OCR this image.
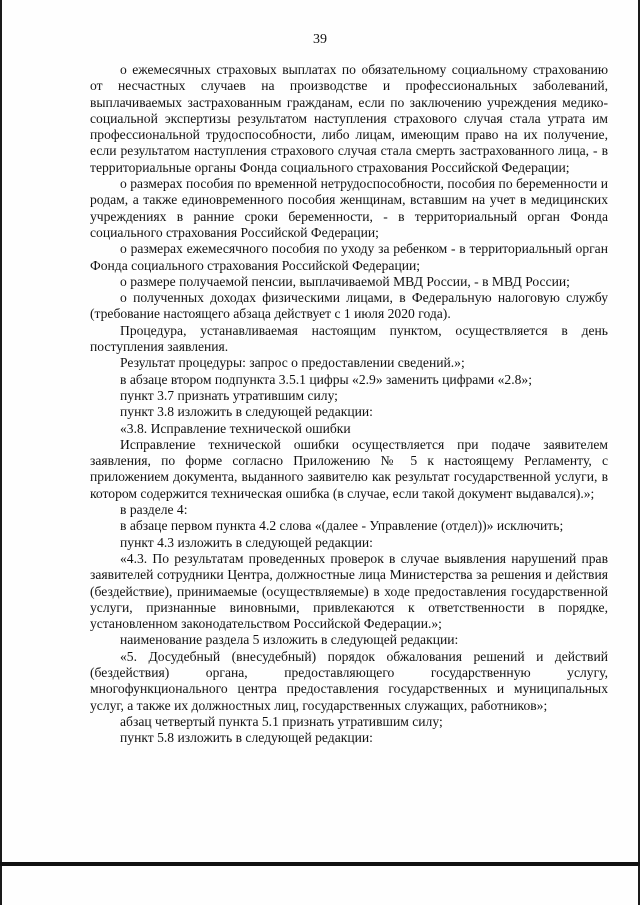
39

о ежемесячных страховых выплатах по обязательному социальному страхованию от несчастных случаев на производстве и профессиональных заболеваний, выплачиваемых застрахованным гражданам, если по заключению учреждения медико-социальной экспертизы результатом наступления страхового случая стала утрата им профессиональной трудоспособности, либо лицам, имеющим право на их получение, если результатом наступления страхового случая стала смерть застрахованного лица, - в территориальные органы Фонда социального страхования Российской Федерации;

о размерах пособия по временной нетрудоспособности, пособия по беременности и родам, а также единовременного пособия женщинам, вставшим на учет в медицинских учреждениях в ранние сроки беременности, - в территориальный орган Фонда социального страхования Российской Федерации;

о размерах ежемесячного пособия по уходу за ребенком - в территориальный орган Фонда социального страхования Российской Федерации;

о размере получаемой пенсии, выплачиваемой МВД России, - в МВД России;

о полученных доходах физическими лицами, в Федеральную налоговую службу (требование настоящего абзаца действует с 1 июля 2020 года).

Процедура, устанавливаемая настоящим пунктом, осуществляется в день поступления заявления.

Результат процедуры: запрос о предоставлении сведений.»;

в абзаце втором подпункта 3.5.1 цифры «2.9» заменить цифрами «2.8»;

пункт 3.7 признать утратившим силу;

пункт 3.8 изложить в следующей редакции:

«3.8. Исправление технической ошибки

Исправление технической ошибки осуществляется при подаче заявителем заявления, по форме согласно Приложению № 5 к настоящему Регламенту, с приложением документа, выданного заявителю как результат государственной услуги, в котором содержится техническая ошибка (в случае, если такой документ выдавался).»;

в разделе 4:

в абзаце первом пункта 4.2 слова «(далее - Управление (отдел))» исключить;

пункт 4.3 изложить в следующей редакции:

«4.3. По результатам проведенных проверок в случае выявления нарушений прав заявителей сотрудники Центра, должностные лица Министерства за решения и действия (бездействие), принимаемые (осуществляемые) в ходе предоставления государственной услуги, признанные виновными, привлекаются к ответственности в порядке, установленном законодательством Российской Федерации.»;

наименование раздела 5 изложить в следующей редакции:

«5. Досудебный (внесудебный) порядок обжалования решений и действий (бездействия) органа, предоставляющего государственную услугу, многофункционального центра предоставления государственных и муниципальных услуг, а также их должностных лиц, государственных служащих, работников»;

абзац четвертый пункта 5.1 признать утратившим силу;

пункт 5.8 изложить в следующей редакции:
